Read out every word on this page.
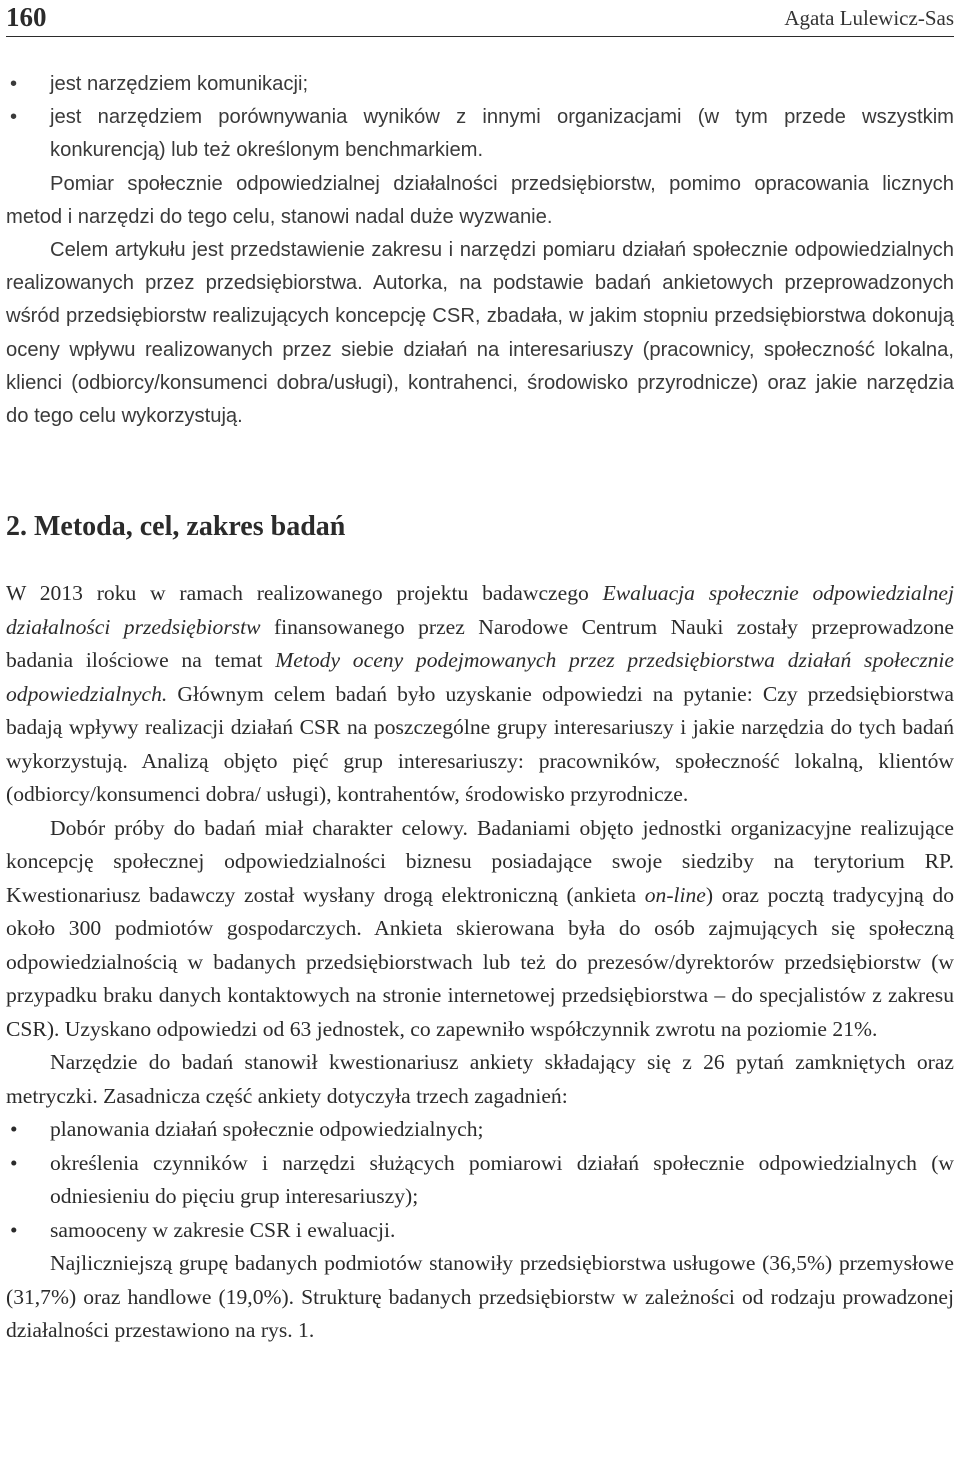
160	Agata Lulewicz-Sas
• jest narzędziem komunikacji;
• jest narzędziem porównywania wyników z innymi organizacjami (w tym przede wszystkim konkurencją) lub też określonym benchmarkiem.

Pomiar społecznie odpowiedzialnej działalności przedsiębiorstw, pomimo opracowania licznych metod i narzędzi do tego celu, stanowi nadal duże wyzwanie.

Celem artykułu jest przedstawienie zakresu i narzędzi pomiaru działań społecznie odpowiedzialnych realizowanych przez przedsiębiorstwa. Autorka, na podstawie badań ankietowych przeprowadzonych wśród przedsiębiorstw realizujących koncepcję CSR, zbadała, w jakim stopniu przedsiębiorstwa dokonują oceny wpływu realizowanych przez siebie działań na interesariuszy (pracownicy, społeczność lokalna, klienci (odbiorcy/konsumenci dobra/usługi), kontrahenci, środowisko przyrodnicze) oraz jakie narzędzia do tego celu wykorzystują.

2. Metoda, cel, zakres badań

W 2013 roku w ramach realizowanego projektu badawczego Ewaluacja społecznie odpowiedzialnej działalności przedsiębiorstw finansowanego przez Narodowe Centrum Nauki zostały przeprowadzone badania ilościowe na temat Metody oceny podejmowanych przez przedsiębiorstwa działań społecznie odpowiedzialnych. Głównym celem badań było uzyskanie odpowiedzi na pytanie: Czy przedsiębiorstwa badają wpływy realizacji działań CSR na poszczególne grupy interesariuszy i jakie narzędzia do tych badań wykorzystują. Analizą objęto pięć grup interesariuszy: pracowników, społeczność lokalną, klientów (odbiorcy/konsumenci dobra/ usługi), kontrahentów, środowisko przyrodnicze.

Dobór próby do badań miał charakter celowy. Badaniami objęto jednostki organizacyjne realizujące koncepcję społecznej odpowiedzialności biznesu posiadające swoje siedziby na terytorium RP. Kwestionariusz badawczy został wysłany drogą elektroniczną (ankieta on-line) oraz pocztą tradycyjną do około 300 podmiotów gospodarczych. Ankieta skierowana była do osób zajmujących się społeczną odpowiedzialnością w badanych przedsiębiorstwach lub też do prezesów/dyrektorów przedsiębiorstw (w przypadku braku danych kontaktowych na stronie internetowej przedsiębiorstwa – do specjalistów z zakresu CSR). Uzyskano odpowiedzi od 63 jednostek, co zapewniło współczynnik zwrotu na poziomie 21%.

Narzędzie do badań stanowił kwestionariusz ankiety składający się z 26 pytań zamkniętych oraz metryczki. Zasadnicza część ankiety dotyczyła trzech zagadnień:

• planowania działań społecznie odpowiedzialnych;
• określenia czynników i narzędzi służących pomiarowi działań społecznie odpowiedzialnych (w odniesieniu do pięciu grup interesariuszy);
• samooceny w zakresie CSR i ewaluacji.

Najliczniejszą grupę badanych podmiotów stanowiły przedsiębiorstwa usługowe (36,5%) przemysłowe (31,7%) oraz handlowe (19,0%). Strukturę badanych przedsiębiorstw w zależności od rodzaju prowadzonej działalności przestawiono na rys. 1.
